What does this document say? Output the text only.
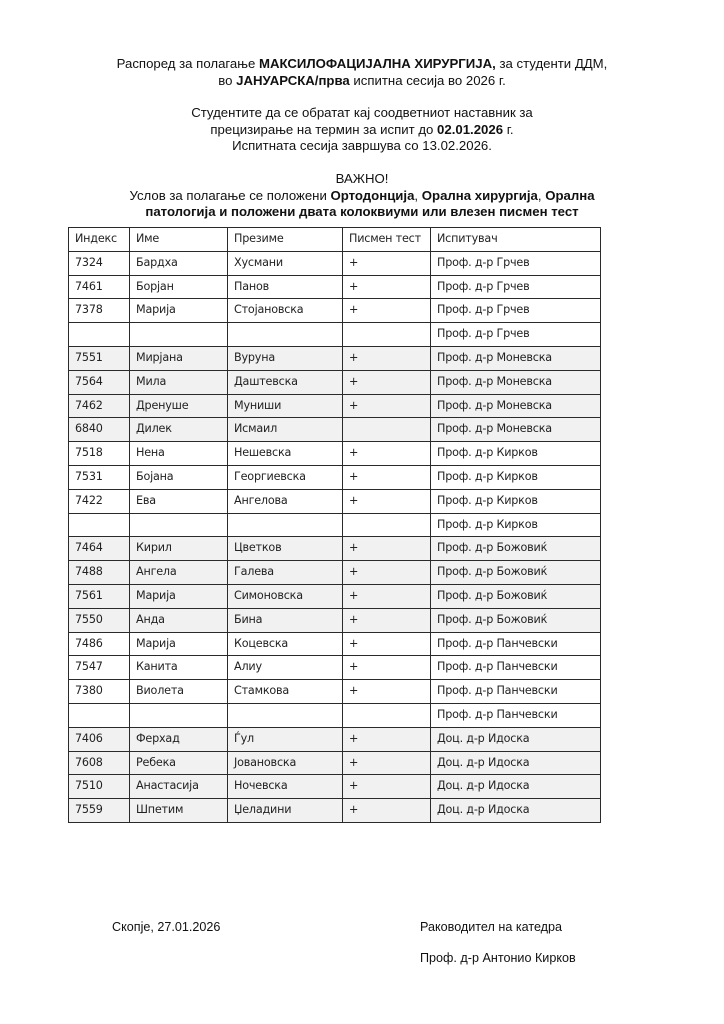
Распоред за полагање МАКСИЛОФАЦИЈАЛНА ХИРУРГИЈА, за студенти ДДМ,
во ЈАНУАРСКА/прва испитна сесија во 2026 г.
Студентите да се обратат кај соодветниот наставник за
прецизирање на термин за испит до 02.01.2026 г.
Испитната сесија завршува со 13.02.2026.
ВАЖНО!
Услов за полагање се положени Ортодонција, Орална хирургија, Орална
патологија и положени двата колоквиуми или влезен писмен тест
Индекс	Име	Презиме	Писмен тест	Испитувач
7324	Бардха	Хусмани	+	Проф. д-р Грчев
7461	Борјан	Панов	+	Проф. д-р Грчев
7378	Марија	Стојановска	+	Проф. д-р Грчев
				Проф. д-р Грчев
7551	Мирјана	Вуруна	+	Проф. д-р Моневска
7564	Мила	Даштевска	+	Проф. д-р Моневска
7462	Дренуше	Муниши	+	Проф. д-р Моневска
6840	Дилек	Исмаил		Проф. д-р Моневска
7518	Нена	Нешевска	+	Проф. д-р Кирков
7531	Бојана	Георгиевска	+	Проф. д-р Кирков
7422	Ева	Ангелова	+	Проф. д-р Кирков
				Проф. д-р Кирков
7464	Кирил	Цветков	+	Проф. д-р Божовиќ
7488	Ангела	Галева	+	Проф. д-р Божовиќ
7561	Марија	Симоновска	+	Проф. д-р Божовиќ
7550	Анда	Бина	+	Проф. д-р Божовиќ
7486	Марија	Коцевска	+	Проф. д-р Панчевски
7547	Канита	Алиу	+	Проф. д-р Панчевски
7380	Виолета	Стамкова	+	Проф. д-р Панчевски
				Проф. д-р Панчевски
7406	Ферхад	Ѓул	+	Доц. д-р Идоска
7608	Ребека	Јовановска	+	Доц. д-р Идоска
7510	Анастасија	Ночевска	+	Доц. д-р Идоска
7559	Шпетим	Џеладини	+	Доц. д-р Идоска
Скопје, 27.01.2026	Раководител на катедра
Проф. д-р Антонио Кирков
